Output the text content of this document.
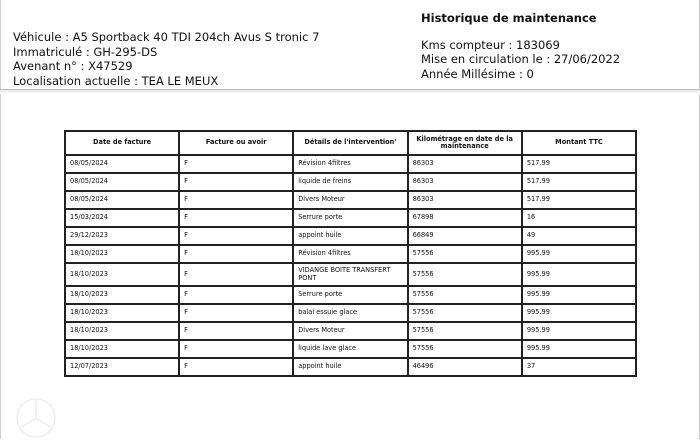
Véhicule : A5 Sportback 40 TDI 204ch Avus S tronic 7
Immatriculé : GH-295-DS
Avenant n° : X47529
Localisation actuelle : TEA LE MEUX
Historique de maintenance
Kms compteur : 183069
Mise en circulation le : 27/06/2022
Année Millésime : 0
Date de facture	Facture ou avoir	Détails de l'intervention'	Kilométrage en date de la maintenance	Montant TTC
08/05/2024	F	Révision 4filtres	86303	517.99
08/05/2024	F	liquide de freins	86303	517.99
08/05/2024	F	Divers Moteur	86303	517.99
15/03/2024	F	Serrure porte	67898	16
29/12/2023	F	appoint huile	66849	49
18/10/2023	F	Révision 4filtres	57556	995.99
18/10/2023	F	VIDANGE BOITE TRANSFERT PONT	57556	995.99
18/10/2023	F	Serrure porte	57556	995.99
18/10/2023	F	balai essuie glace	57556	995.99
18/10/2023	F	Divers Moteur	57556	995.99
18/10/2023	F	liquide lave glace	57556	995.99
12/07/2023	F	appoint huile	46496	37
